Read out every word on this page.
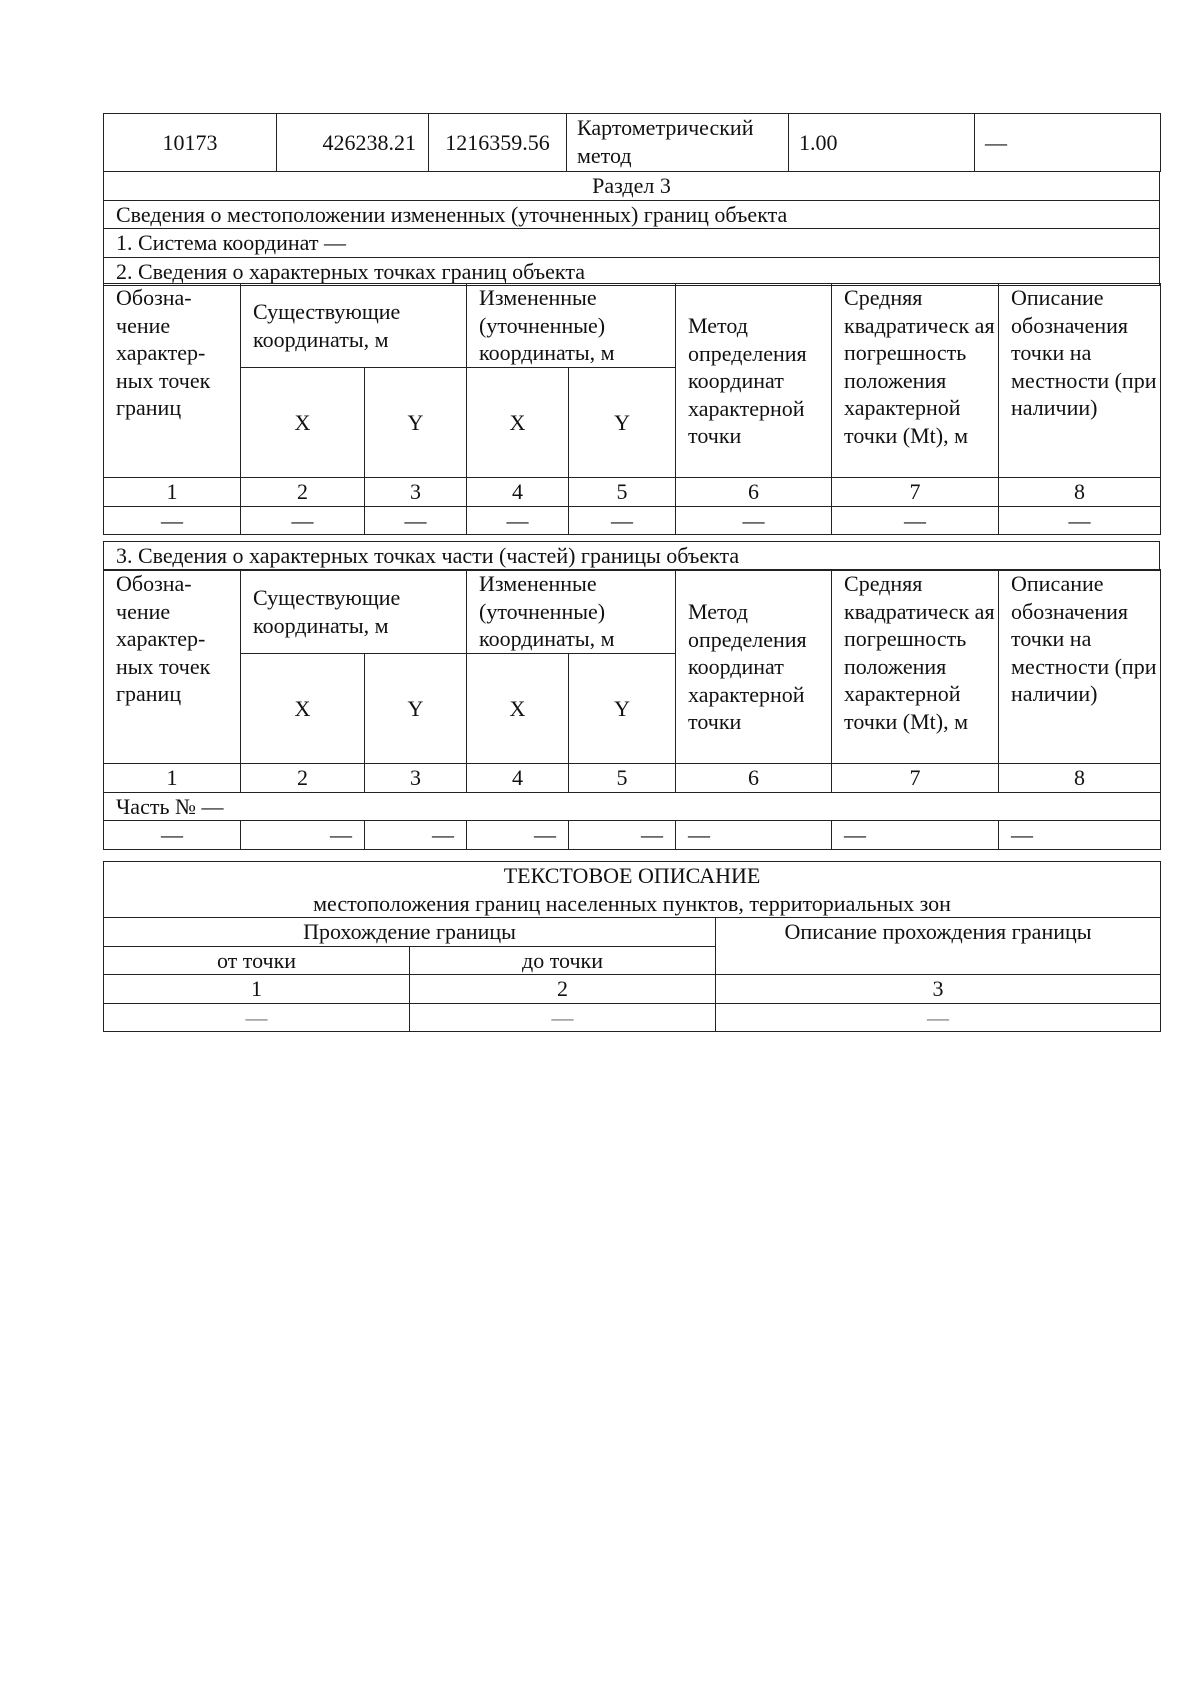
10173	426238.21	1216359.56	Картометрический метод	1.00	—
Раздел 3
Сведения о местоположении измененных (уточненных) границ объекта
1. Система координат —
2. Сведения о характерных точках границ объекта
Обозна- чение характер- ных точек границ	Существующие координаты, м		Измененные (уточненные) координаты, м		Метод определения координат характерной точки	Средняя квадратическ ая погрешность положения характерной точки (Mt), м	Описание обозначения точки на местности (при наличии)
	X	Y	X	Y			
1	2	3	4	5	6	7	8
—	—	—	—	—	—	—	—
3. Сведения о характерных точках части (частей) границы объекта
Обозна- чение характер- ных точек границ	Существующие координаты, м		Измененные (уточненные) координаты, м		Метод определения координат характерной точки	Средняя квадратическ ая погрешность положения характерной точки (Mt), м	Описание обозначения точки на местности (при наличии)
	X	Y	X	Y			
1	2	3	4	5	6	7	8
Часть № —							
—	—	—	—	—	—	—	—
ТЕКСТОВОЕ ОПИСАНИЕ		
местоположения границ населенных пунктов, территориальных зон		
Прохождение границы		Описание прохождения границы
от точки	до точки	
1	2	3
—	—	—
